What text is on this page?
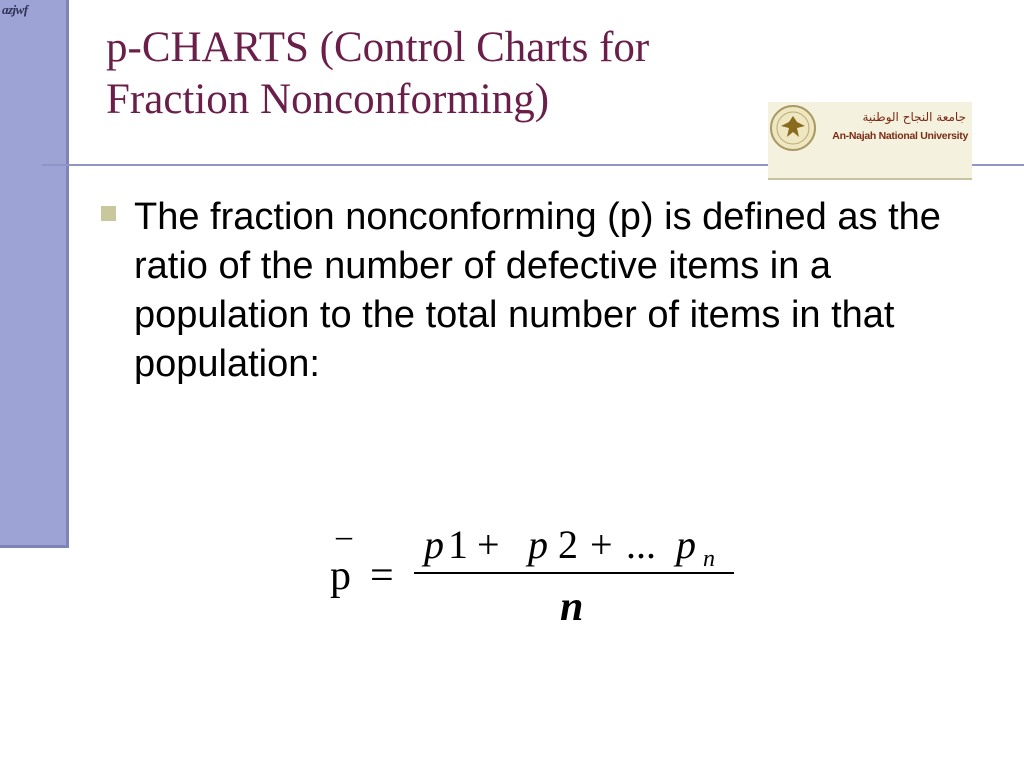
azjwf
p-CHARTS (Control Charts for
Fraction Nonconforming)	جامعة النجاح الوطنية
An-Najah National University

The fraction nonconforming (p) is defined as the ratio of the number of defective items in a population to the total number of items in that population:

–
p =
p 1 + p 2 + ... p n
n
